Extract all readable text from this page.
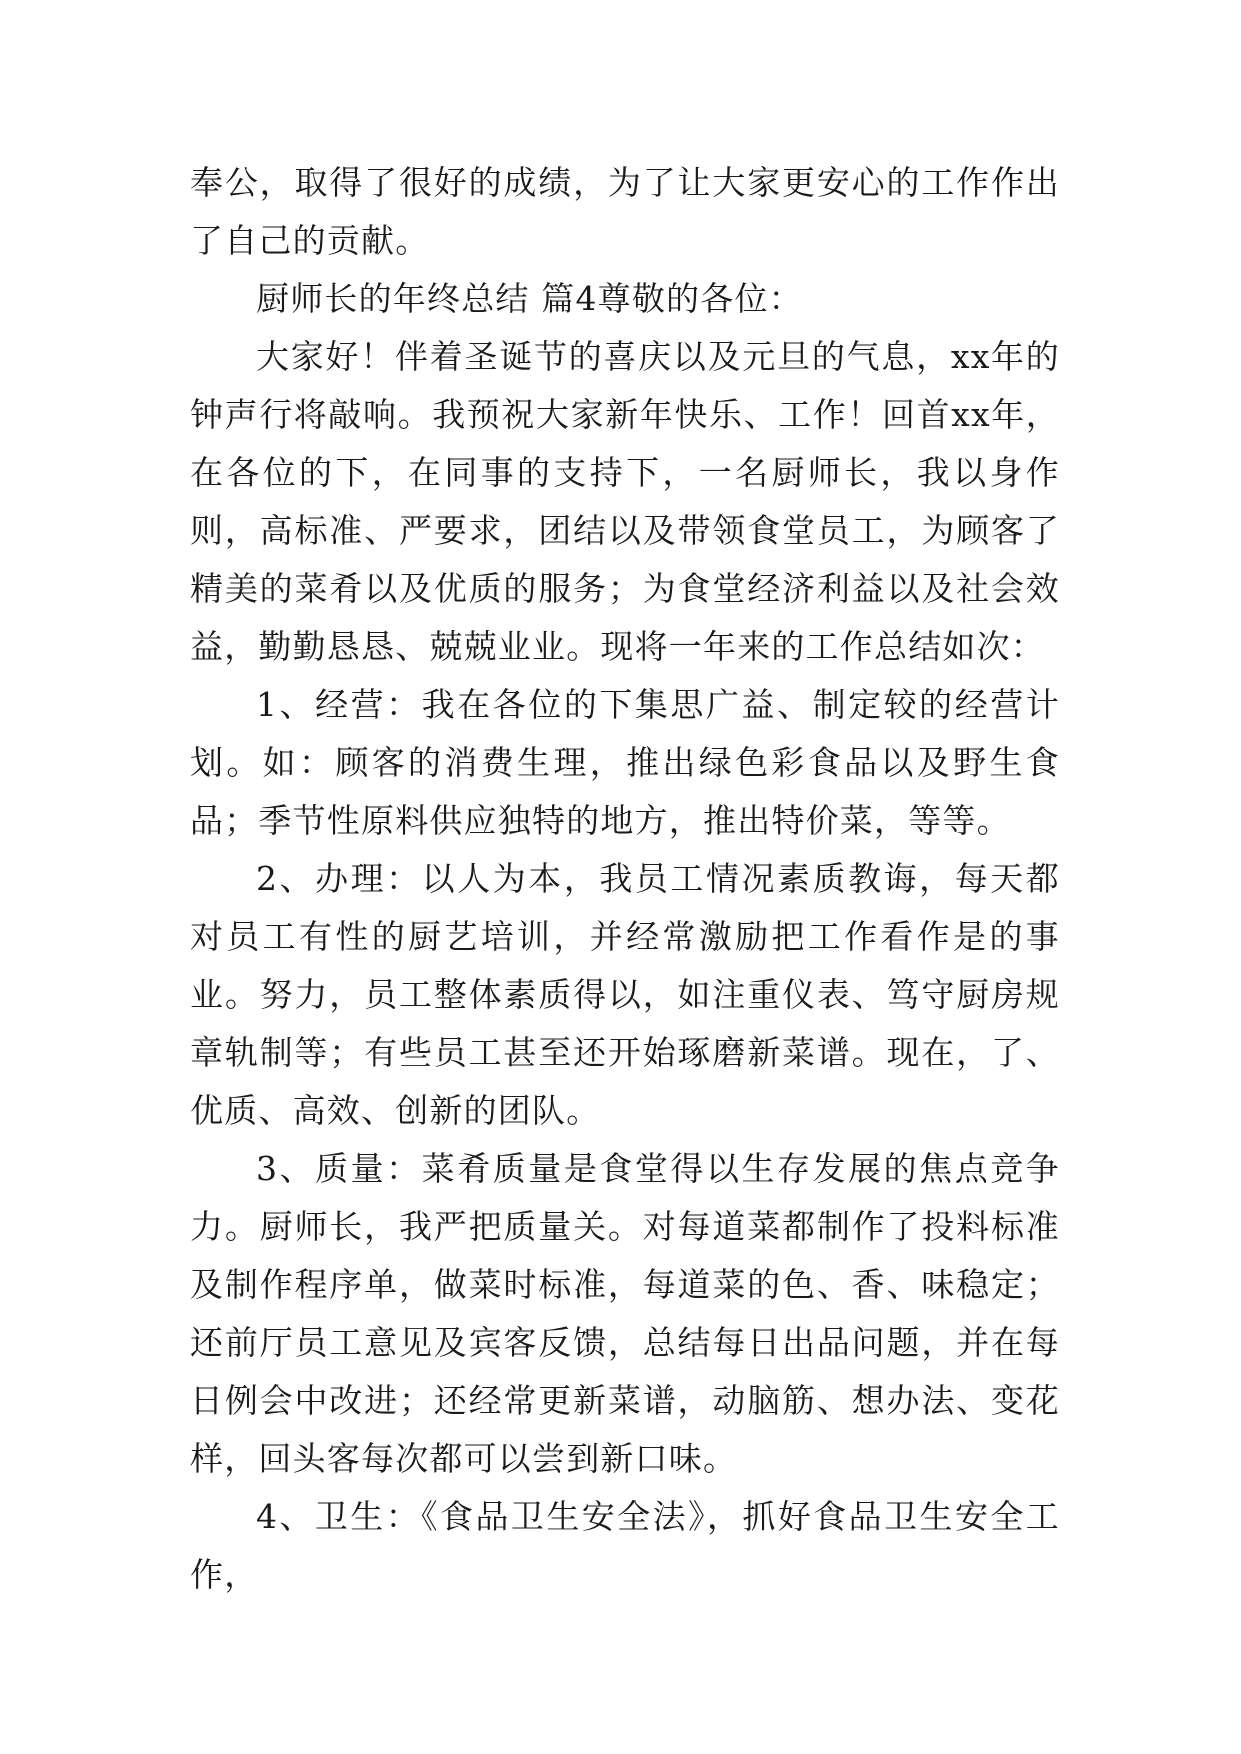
奉公，取得了很好的成绩，为了让大家更安心的工作作出了自己的贡献。

厨师长的年终总结 篇4尊敬的各位：

大家好！伴着圣诞节的喜庆以及元旦的气息，xx年的钟声行将敲响。我预祝大家新年快乐、工作！回首xx年，在各位的下，在同事的支持下，一名厨师长，我以身作则，高标准、严要求，团结以及带领食堂员工，为顾客了精美的菜肴以及优质的服务；为食堂经济利益以及社会效益，勤勤恳恳、兢兢业业。现将一年来的工作总结如次：

1、经营：我在各位的下集思广益、制定较的经营计划。如：顾客的消费生理，推出绿色彩食品以及野生食品；季节性原料供应独特的地方，推出特价菜，等等。

2、办理：以人为本，我员工情况素质教诲，每天都对员工有性的厨艺培训，并经常激励把工作看作是的事业。努力，员工整体素质得以，如注重仪表、笃守厨房规章轨制等；有些员工甚至还开始琢磨新菜谱。现在，了、优质、高效、创新的团队。

3、质量：菜肴质量是食堂得以生存发展的焦点竞争力。厨师长，我严把质量关。对每道菜都制作了投料标准及制作程序单，做菜时标准，每道菜的色、香、味稳定；还前厅员工意见及宾客反馈，总结每日出品问题，并在每日例会中改进；还经常更新菜谱，动脑筋、想办法、变花样，回头客每次都可以尝到新口味。

4、卫生：《食品卫生安全法》，抓好食品卫生安全工作，
